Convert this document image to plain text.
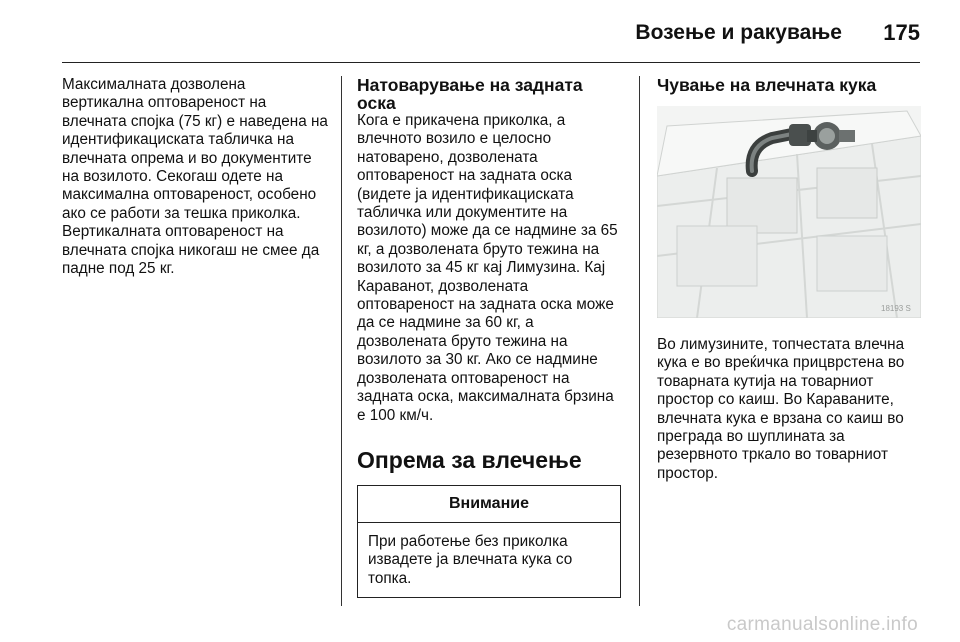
Возење и ракување 175

Максималната дозволена вертикална оптовареност на влечната спојка (75 кг) е наведена на идентификациската табличка на влечната опрема и во документите на возилото. Секогаш одете на максимална оптовареност, особено ако се работи за тешка приколка. Вертикалната оптовареност на влечната спојка никогаш не смее да падне под 25 кг.

Натоварување на задната оска

Кога е прикачена приколка, а влечното возило е целосно натоварено, дозволената оптовареност на задната оска (видете ја идентификациската табличка или документите на возилото) може да се надмине за 65 кг, а дозволената бруто тежина на возилото за 45 кг кај Лимузина. Кај Караванот, дозволената оптовареност на задната оска може да се надмине за 60 кг, а дозволената бруто тежина на возилото за 30 кг. Ако се надмине дозволената оптовареност на задната оска, максималната брзина е 100 км/ч.

Опрема за влечење
Внимание
При работење без приколка извадете ја влечната кука со топка.
Чување на влечната кука
18193 S

Во лимузините, топчестата влечна кука е во вреќичка прицврстена во товарната кутија на товарниот простор со каиш. Во Караваните, влечната кука е врзана со каиш во преграда во шуплината за резервното тркало во товарниот простор.

carmanualsonline.info
